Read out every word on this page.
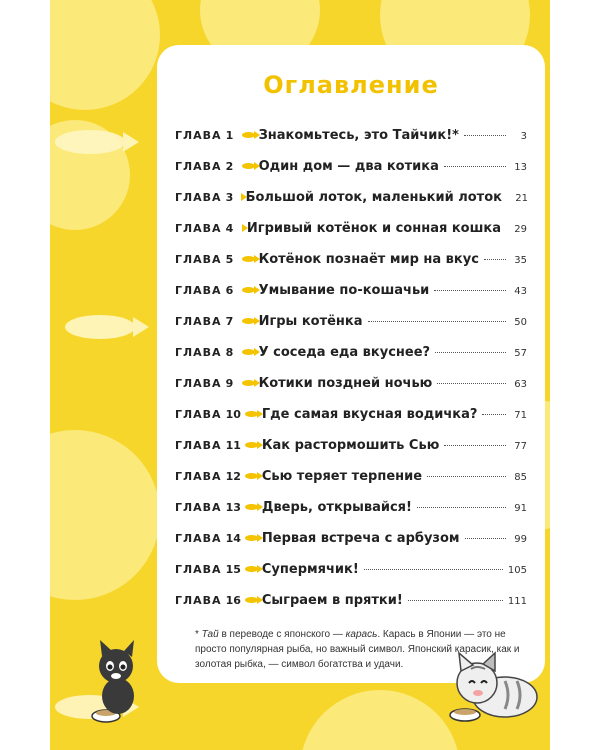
Оглавление
ГЛАВА 1	Знакомьтесь, это Тайчик!*	3
ГЛАВА 2	Один дом — два котика	13
ГЛАВА 3 Большой лоток, маленький лоток	21
ГЛАВА 4	Игривый котёнок и сонная кошка	29
ГЛАВА 5	Котёнок познаёт мир на вкус	35
ГЛАВА 6	Умывание по-кошачьи	43
ГЛАВА 7	Игры котёнка	50
ГЛАВА 8	У соседа еда вкуснее?	57
ГЛАВА 9	Котики поздней ночью	63
ГЛАВА 10 Где самая вкусная водичка?	71
ГЛАВА 11 Как растормошить Сью	77
ГЛАВА 12 Сью теряет терпение	85
ГЛАВА 13 Дверь, открывайся!	91
ГЛАВА 14 Первая встреча с арбузом	99
ГЛАВА 15 Супермячик!	105
ГЛАВА 16 Сыграем в прятки!	111
* Тай в переводе с японского — карась. Карась в Японии — это не просто популярная рыба, но важный символ. Японский карасик, как и золотая рыбка, — символ богатства и удачи.
